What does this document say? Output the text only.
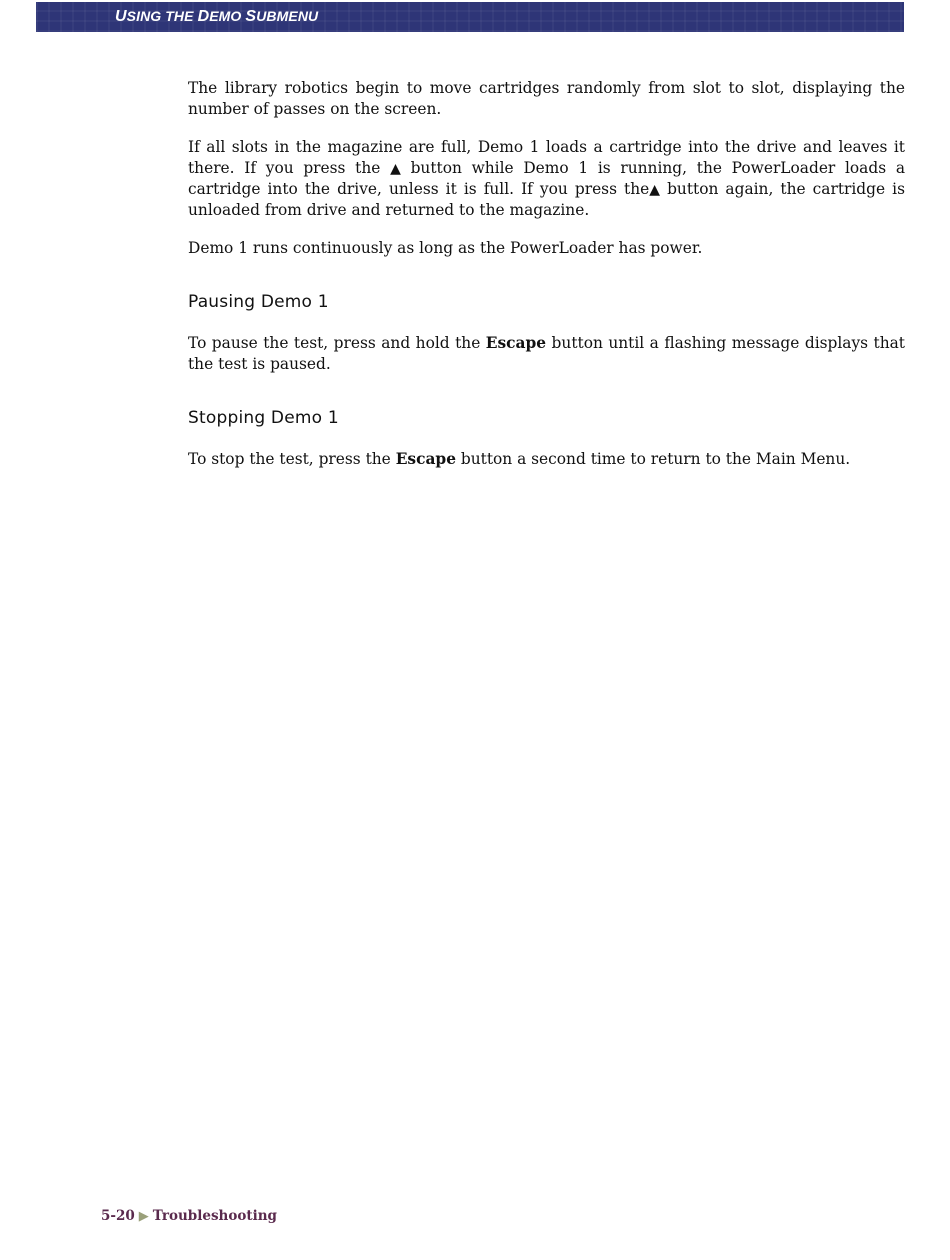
USING THE DEMO SUBMENU

The library robotics begin to move cartridges randomly from slot to slot, displaying the number of passes on the screen.

If all slots in the magazine are full, Demo 1 loads a cartridge into the drive and leaves it there. If you press the ▲ button while Demo 1 is running, the PowerLoader loads a cartridge into the drive, unless it is full. If you press the▲ button again, the cartridge is unloaded from drive and returned to the magazine.

Demo 1 runs continuously as long as the PowerLoader has power.

Pausing Demo 1

To pause the test, press and hold the Escape button until a flashing message displays that the test is paused.

Stopping Demo 1

To stop the test, press the Escape button a second time to return to the Main Menu.

5-20 ▶ Troubleshooting
